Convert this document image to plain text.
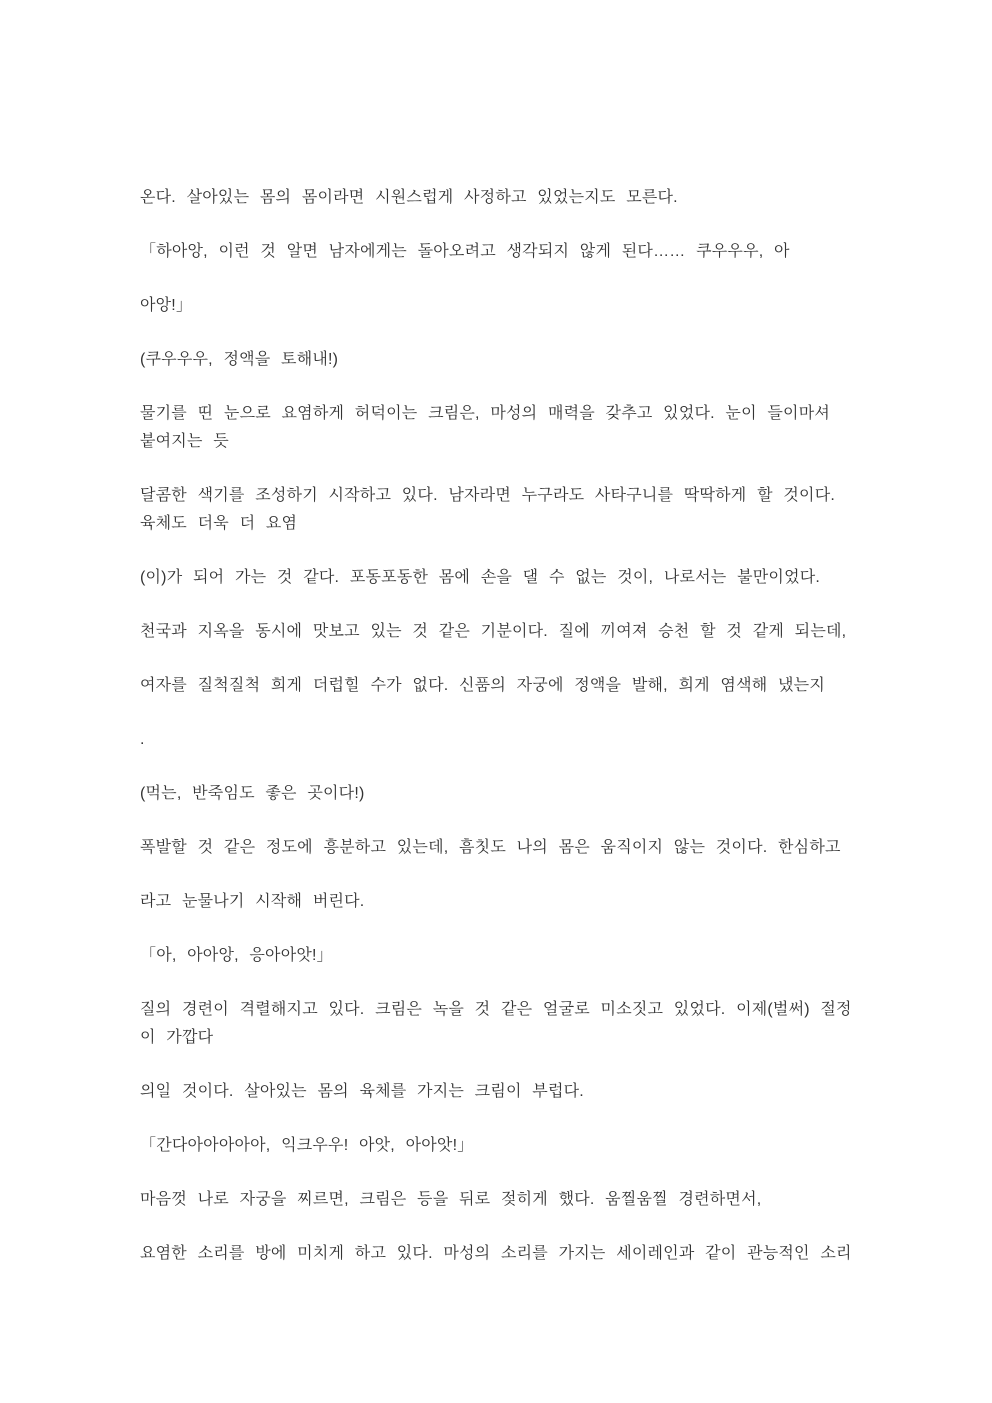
온다. 살아있는 몸의 몸이라면 시원스럽게 사정하고 있었는지도 모른다.

「하아앙, 이런 것 알면 남자에게는 돌아오려고 생각되지 않게 된다…… 쿠우우우, 아

아앙!」

(쿠우우우, 정액을 토해내!)

물기를 띤 눈으로 요염하게 허덕이는 크림은, 마성의 매력을 갖추고 있었다. 눈이 들이마셔
붙여지는 듯

달콤한 색기를 조성하기 시작하고 있다. 남자라면 누구라도 사타구니를 딱딱하게 할 것이다.
육체도 더욱 더 요염

(이)가 되어 가는 것 같다. 포동포동한 몸에 손을 댈 수 없는 것이, 나로서는 불만이었다.

천국과 지옥을 동시에 맛보고 있는 것 같은 기분이다. 질에 끼여져 승천 할 것 같게 되는데,

여자를 질척질척 희게 더럽힐 수가 없다. 신품의 자궁에 정액을 발해, 희게 염색해 냈는지

.

(먹는, 반죽임도 좋은 곳이다!)

폭발할 것 같은 정도에 흥분하고 있는데, 흠칫도 나의 몸은 움직이지 않는 것이다. 한심하고

라고 눈물나기 시작해 버린다.

「아, 아아앙, 응아아앗!」

질의 경련이 격렬해지고 있다. 크림은 녹을 것 같은 얼굴로 미소짓고 있었다. 이제(벌써) 절정
이 가깝다

의일 것이다. 살아있는 몸의 육체를 가지는 크림이 부럽다.

「간다아아아아아, 익크우우! 아앗, 아아앗!」

마음껏 나로 자궁을 찌르면, 크림은 등을 뒤로 젖히게 했다. 움찔움찔 경련하면서,

요염한 소리를 방에 미치게 하고 있다. 마성의 소리를 가지는 세이레인과 같이 관능적인 소리
